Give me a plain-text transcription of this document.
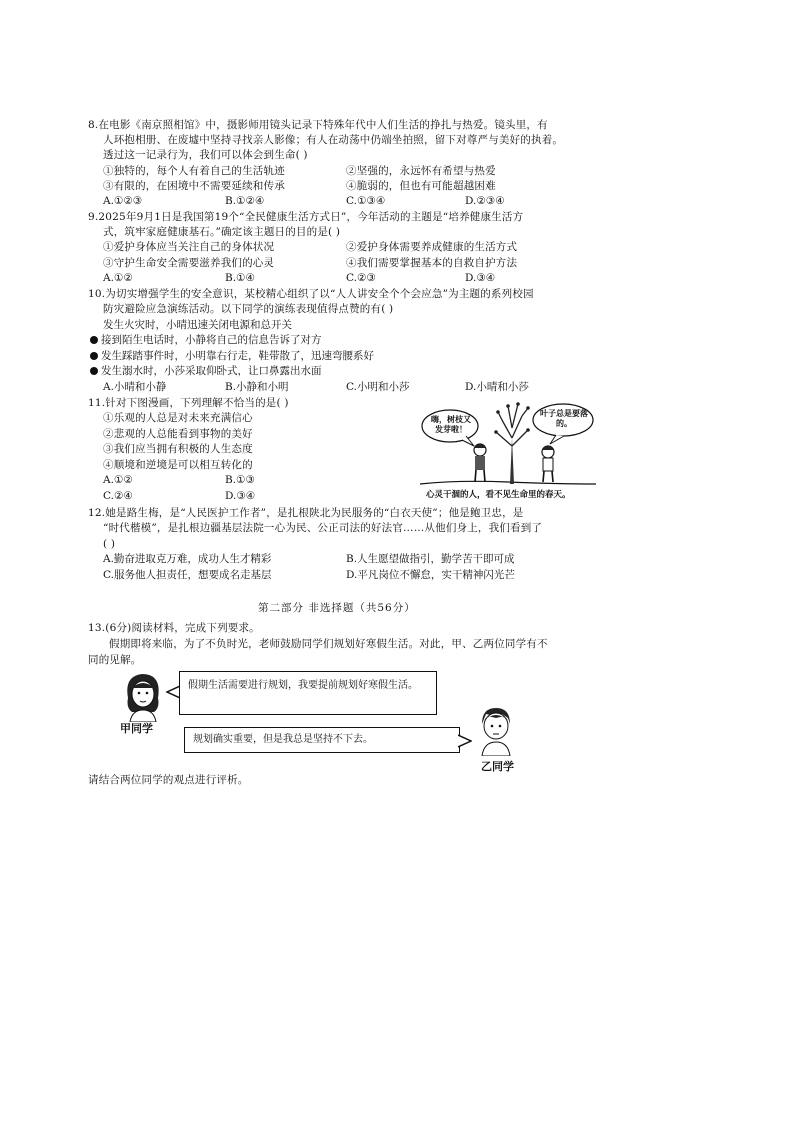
8.在电影《南京照相馆》中，摄影师用镜头记录下特殊年代中人们生活的挣扎与热爱。镜头里，有
人环抱相册、在废墟中坚持寻找亲人影像；有人在动荡中仍端坐拍照，留下对尊严与美好的执着。
透过这一记录行为，我们可以体会到生命( )
①独特的，每个人有着自己的生活轨迹	②坚强的，永远怀有希望与热爱
③有限的，在困境中不需要延续和传承	④脆弱的，但也有可能超越困难
A.①②③	B.①②④	C.①③④	D.②③④
9.2025年9月1日是我国第19个“全民健康生活方式日”，今年活动的主题是“培养健康生活方
式，筑牢家庭健康基石。”确定该主题日的目的是( )
①爱护身体应当关注自己的身体状况	②爱护身体需要养成健康的生活方式
③守护生命安全需要滋养我们的心灵	④我们需要掌握基本的自救自护方法
A.①②	B.①④	C.②③	D.③④
10.为切实增强学生的安全意识，某校精心组织了以“人人讲安全个个会应急”为主题的系列校园
防灾避险应急演练活动。以下同学的演练表现值得点赞的有( )
发生火灾时，小晴迅速关闭电源和总开关
接到陌生电话时，小静将自己的信息告诉了对方
发生踩踏事件时，小明靠右行走，鞋带散了，迅速弯腰系好
发生溺水时，小莎采取仰卧式，让口鼻露出水面
A.小晴和小静	B.小静和小明	C.小明和小莎	D.小晴和小莎
11.针对下图漫画，下列理解不恰当的是( )
①乐观的人总是对未来充满信心
②悲观的人总能看到事物的美好
③我们应当拥有积极的人生态度
④顺境和逆境是可以相互转化的
A.①②	B.①③
C.②④	D.③④
嗨，树枝又发芽啦！
叶子总是要落的。
心灵干涸的人，看不见生命里的春天。
12.她是路生梅，是“人民医护工作者”，是扎根陕北为民服务的“白衣天使”；他是鲍卫忠，是
“时代楷模”，是扎根边疆基层法院一心为民、公正司法的好法官……从他们身上，我们看到了
( )
A.勤奋进取克万难，成功人生才精彩	B.人生愿望做指引，勤学苦干即可成
C.服务他人担责任，想要成名走基层	D.平凡岗位不懈怠，实干精神闪光芒
第二部分 非选择题（共56分）
13.(6分)阅读材料，完成下列要求。
假期即将来临，为了不负时光，老师鼓励同学们规划好寒假生活。对此，甲、乙两位同学有不
同的见解。
甲同学
假期生活需要进行规划，我要提前规划好寒假生活。
规划确实重要，但是我总是坚持不下去。
乙同学
请结合两位同学的观点进行评析。
